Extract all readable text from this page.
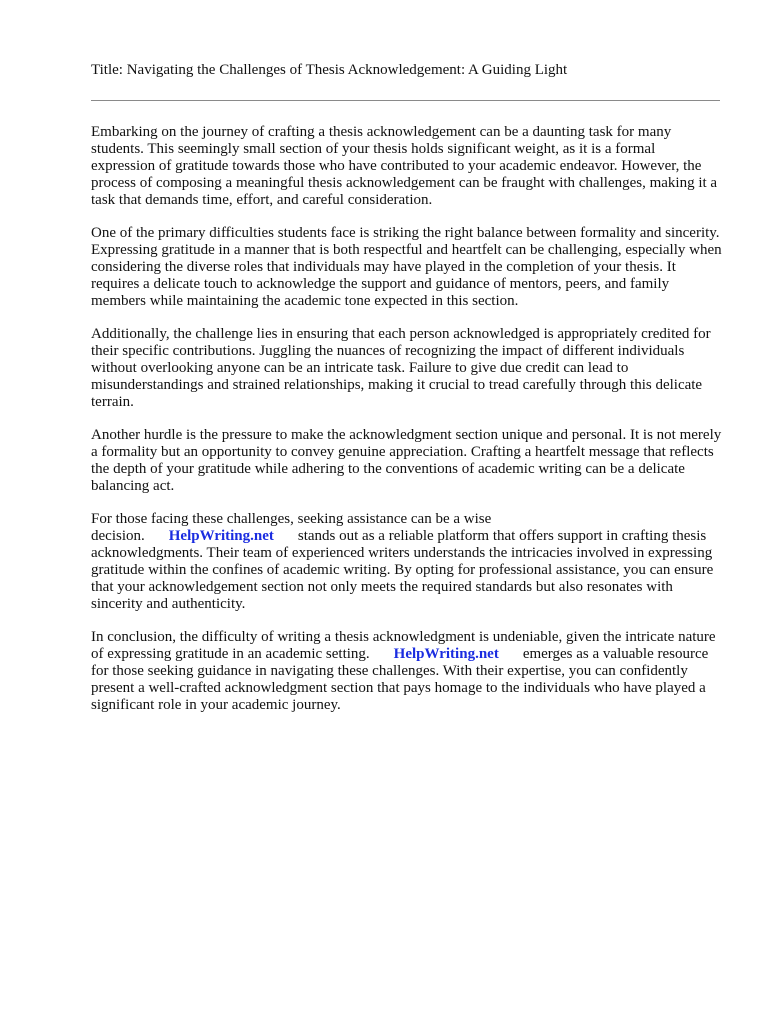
Title: Navigating the Challenges of Thesis Acknowledgement: A Guiding Light

Embarking on the journey of crafting a thesis acknowledgement can be a daunting task for many students. This seemingly small section of your thesis holds significant weight, as it is a formal expression of gratitude towards those who have contributed to your academic endeavor. However, the process of composing a meaningful thesis acknowledgement can be fraught with challenges, making it a task that demands time, effort, and careful consideration.

One of the primary difficulties students face is striking the right balance between formality and sincerity. Expressing gratitude in a manner that is both respectful and heartfelt can be challenging, especially when considering the diverse roles that individuals may have played in the completion of your thesis. It requires a delicate touch to acknowledge the support and guidance of mentors, peers, and family members while maintaining the academic tone expected in this section.

Additionally, the challenge lies in ensuring that each person acknowledged is appropriately credited for their specific contributions. Juggling the nuances of recognizing the impact of different individuals without overlooking anyone can be an intricate task. Failure to give due credit can lead to misunderstandings and strained relationships, making it crucial to tread carefully through this delicate terrain.

Another hurdle is the pressure to make the acknowledgment section unique and personal. It is not merely a formality but an opportunity to convey genuine appreciation. Crafting a heartfelt message that reflects the depth of your gratitude while adhering to the conventions of academic writing can be a delicate balancing act.

For those facing these challenges, seeking assistance can be a wise decision. HelpWriting.net stands out as a reliable platform that offers support in crafting thesis acknowledgments. Their team of experienced writers understands the intricacies involved in expressing gratitude within the confines of academic writing. By opting for professional assistance, you can ensure that your acknowledgement section not only meets the required standards but also resonates with sincerity and authenticity.

In conclusion, the difficulty of writing a thesis acknowledgment is undeniable, given the intricate nature of expressing gratitude in an academic setting. HelpWriting.net emerges as a valuable resource for those seeking guidance in navigating these challenges. With their expertise, you can confidently present a well-crafted acknowledgment section that pays homage to the individuals who have played a significant role in your academic journey.
